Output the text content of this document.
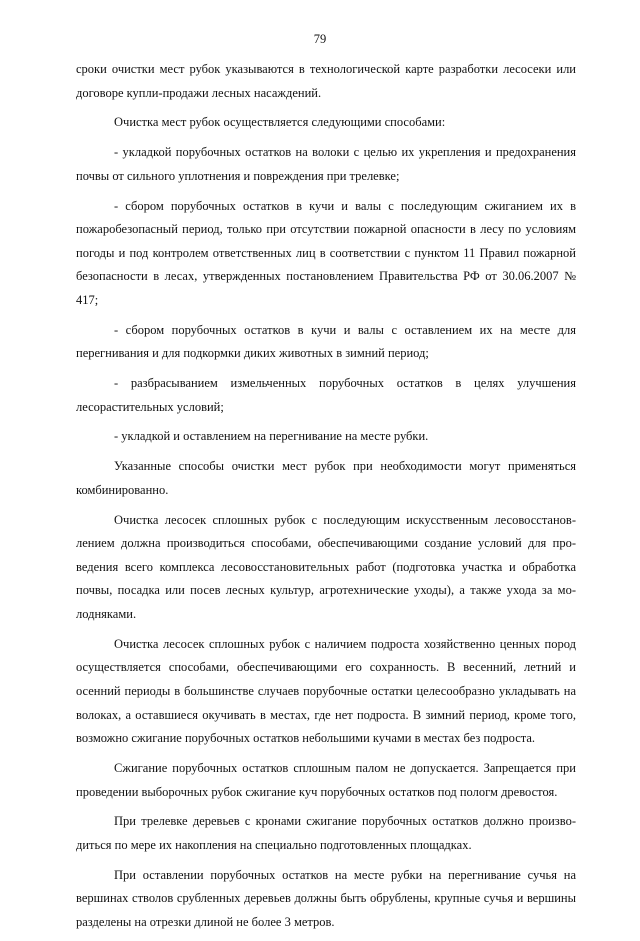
79

сроки очистки мест рубок указываются в технологической карте разработки лесосеки или договоре купли-продажи лесных насаждений.

Очистка мест рубок осуществляется следующими способами:

- укладкой порубочных остатков на волоки с целью их укрепления и предохранения почвы от сильного уплотнения и повреждения при трелевке;

- сбором порубочных остатков в кучи и валы с последующим сжиганием их в пожаробезопасный период, только при отсутствии пожарной опасности в лесу по условиям погоды и под контролем ответственных лиц в соответствии с пунктом 11 Правил пожарной безопасности в лесах, утвержденных постановлением Правительства РФ от 30.06.2007 № 417;

- сбором порубочных остатков в кучи и валы с оставлением их на месте для перегнивания и для подкормки диких животных в зимний период;

- разбрасыванием измельченных порубочных остатков в целях улучшения лесорастительных условий;

- укладкой и оставлением на перегнивание на месте рубки.

Указанные способы очистки мест рубок при необходимости могут применяться комбинированно.

Очистка лесосек сплошных рубок с последующим искусственным лесовосстановлением должна производиться способами, обеспечивающими создание условий для проведения всего комплекса лесовосстановительных работ (подготовка участка и обработка почвы, посадка или посев лесных культур, агротехнические уходы), а также ухода за молодняками.

Очистка лесосек сплошных рубок с наличием подроста хозяйственно ценных пород осуществляется способами, обеспечивающими его сохранность. В весенний, летний и осенний периоды в большинстве случаев порубочные остатки целесообразно укладывать на волоках, а оставшиеся окучивать в местах, где нет подроста. В зимний период, кроме того, возможно сжигание порубочных остатков небольшими кучами в местах без подроста.

Сжигание порубочных остатков сплошным палом не допускается. Запрещается при проведении выборочных рубок сжигание куч порубочных остатков под пологм древостоя.

При трелевке деревьев с кронами сжигание порубочных остатков должно производиться по мере их накопления на специально подготовленных площадках.

При оставлении порубочных остатков на месте рубки на перегнивание сучья на вершинах стволов срубленных деревьев должны быть обрублены, крупные сучья и вершины разделены на отрезки длиной не более 3 метров.
